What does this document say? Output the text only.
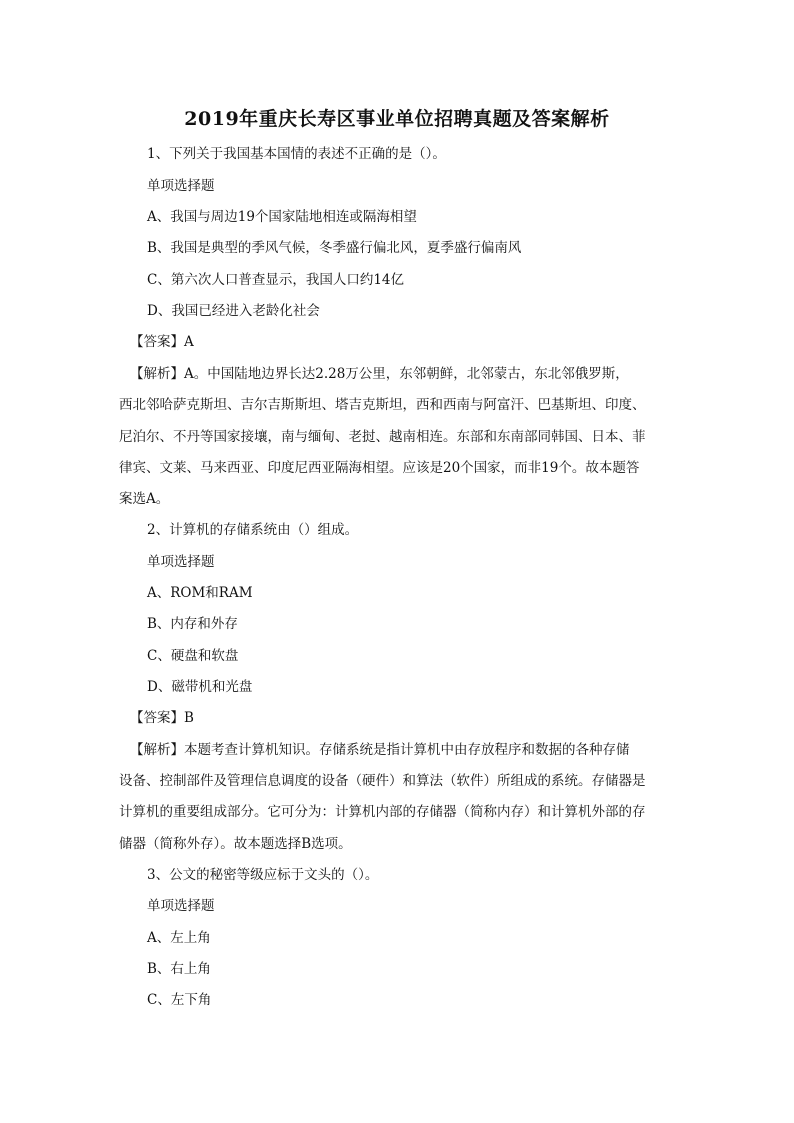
2019年重庆长寿区事业单位招聘真题及答案解析
1、下列关于我国基本国情的表述不正确的是（）。
单项选择题
A、我国与周边19个国家陆地相连或隔海相望
B、我国是典型的季风气候，冬季盛行偏北风，夏季盛行偏南风
C、第六次人口普查显示，我国人口约14亿
D、我国已经进入老龄化社会
【答案】A
【解析】A。中国陆地边界长达2.28万公里，东邻朝鲜，北邻蒙古，东北邻俄罗斯，
西北邻哈萨克斯坦、吉尔吉斯斯坦、塔吉克斯坦，西和西南与阿富汗、巴基斯坦、印度、
尼泊尔、不丹等国家接壤，南与缅甸、老挝、越南相连。东部和东南部同韩国、日本、菲
律宾、文莱、马来西亚、印度尼西亚隔海相望。应该是20个国家，而非19个。故本题答
案选A。
2、计算机的存储系统由（）组成。
单项选择题
A、ROM和RAM
B、内存和外存
C、硬盘和软盘
D、磁带机和光盘
【答案】B
【解析】本题考查计算机知识。存储系统是指计算机中由存放程序和数据的各种存储
设备、控制部件及管理信息调度的设备（硬件）和算法（软件）所组成的系统。存储器是
计算机的重要组成部分。它可分为：计算机内部的存储器（简称内存）和计算机外部的存
储器（简称外存）。故本题选择B选项。
3、公文的秘密等级应标于文头的（）。
单项选择题
A、左上角
B、右上角
C、左下角
